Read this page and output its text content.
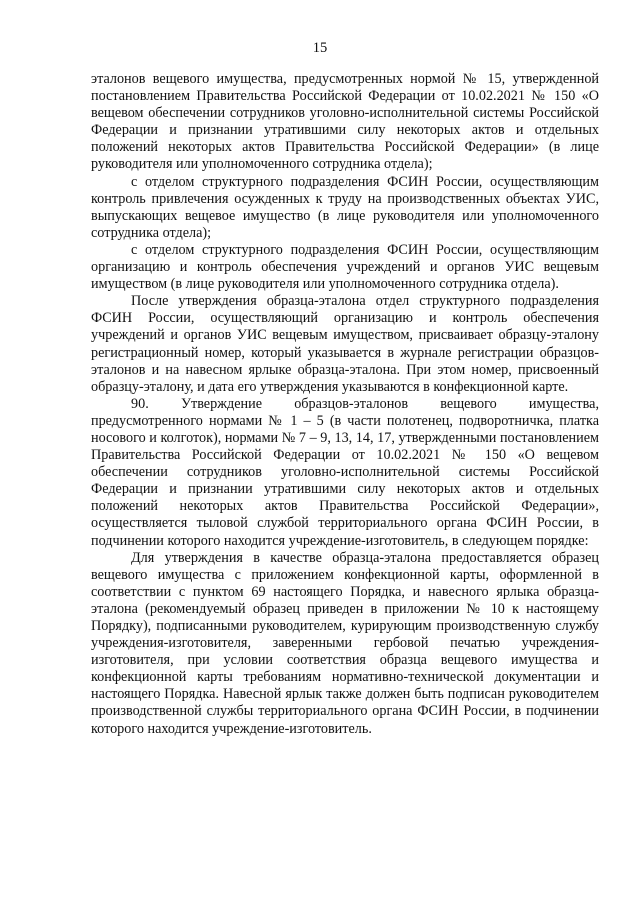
15

эталонов вещевого имущества, предусмотренных нормой № 15, утвержденной постановлением Правительства Российской Федерации от 10.02.2021 № 150 «О вещевом обеспечении сотрудников уголовно-исполнительной системы Российской Федерации и признании утратившими силу некоторых актов и отдельных положений некоторых актов Правительства Российской Федерации» (в лице руководителя или уполномоченного сотрудника отдела);

с отделом структурного подразделения ФСИН России, осуществляющим контроль привлечения осужденных к труду на производственных объектах УИС, выпускающих вещевое имущество (в лице руководителя или уполномоченного сотрудника отдела);

с отделом структурного подразделения ФСИН России, осуществляющим организацию и контроль обеспечения учреждений и органов УИС вещевым имуществом (в лице руководителя или уполномоченного сотрудника отдела).

После утверждения образца-эталона отдел структурного подразделения ФСИН России, осуществляющий организацию и контроль обеспечения учреждений и органов УИС вещевым имуществом, присваивает образцу-эталону регистрационный номер, который указывается в журнале регистрации образцов-эталонов и на навесном ярлыке образца-эталона. При этом номер, присвоенный образцу-эталону, и дата его утверждения указываются в конфекционной карте.

90. Утверждение образцов-эталонов вещевого имущества, предусмотренного нормами № 1 – 5 (в части полотенец, подворотничка, платка носового и колготок), нормами № 7 – 9, 13, 14, 17, утвержденными постановлением Правительства Российской Федерации от 10.02.2021 № 150 «О вещевом обеспечении сотрудников уголовно-исполнительной системы Российской Федерации и признании утратившими силу некоторых актов и отдельных положений некоторых актов Правительства Российской Федерации», осуществляется тыловой службой территориального органа ФСИН России, в подчинении которого находится учреждение-изготовитель, в следующем порядке:

Для утверждения в качестве образца-эталона предоставляется образец вещевого имущества с приложением конфекционной карты, оформленной в соответствии с пунктом 69 настоящего Порядка, и навесного ярлыка образца-эталона (рекомендуемый образец приведен в приложении № 10 к настоящему Порядку), подписанными руководителем, курирующим производственную службу учреждения-изготовителя, заверенными гербовой печатью учреждения-изготовителя, при условии соответствия образца вещевого имущества и конфекционной карты требованиям нормативно-технической документации и настоящего Порядка. Навесной ярлык также должен быть подписан руководителем производственной службы территориального органа ФСИН России, в подчинении которого находится учреждение-изготовитель.
